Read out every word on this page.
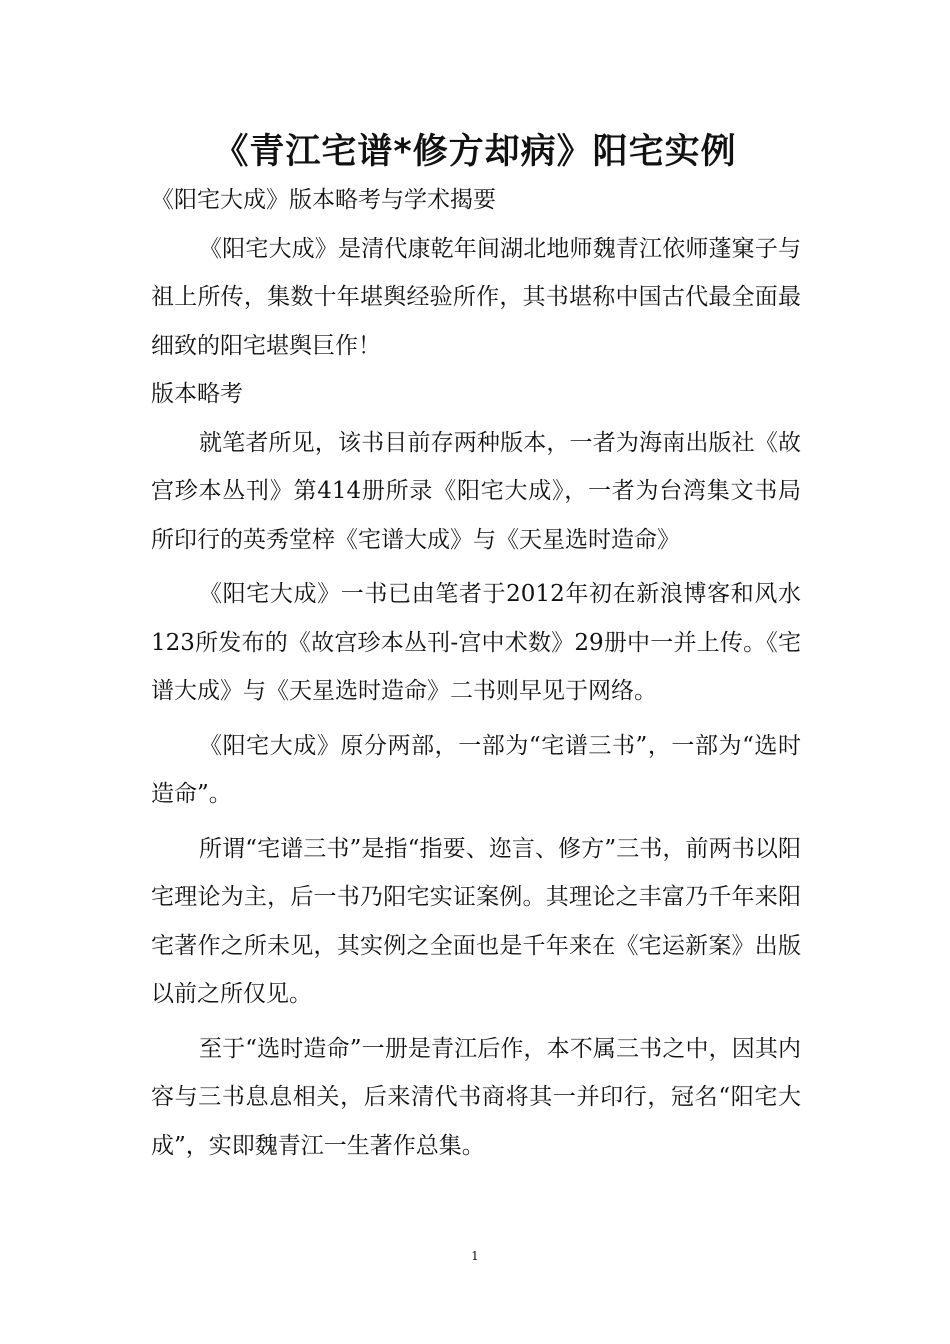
《青江宅谱*修方却病》阳宅实例

《阳宅大成》版本略考与学术揭要

《阳宅大成》是清代康乾年间湖北地师魏青江依师蓬窠子与祖上所传，集数十年堪舆经验所作，其书堪称中国古代最全面最细致的阳宅堪舆巨作！

版本略考

就笔者所见，该书目前存两种版本，一者为海南出版社《故宫珍本丛刊》第414册所录《阳宅大成》，一者为台湾集文书局所印行的英秀堂梓《宅谱大成》与《天星选时造命》

《阳宅大成》一书已由笔者于2012年初在新浪博客和风水123所发布的《故宫珍本丛刊-宫中术数》29册中一并上传。《宅谱大成》与《天星选时造命》二书则早见于网络。

《阳宅大成》原分两部，一部为“宅谱三书”，一部为“选时造命”。

所谓“宅谱三书”是指“指要、迩言、修方”三书，前两书以阳宅理论为主，后一书乃阳宅实证案例。其理论之丰富乃千年来阳宅著作之所未见，其实例之全面也是千年来在《宅运新案》出版以前之所仅见。

至于“选时造命”一册是青江后作，本不属三书之中，因其内容与三书息息相关，后来清代书商将其一并印行，冠名“阳宅大成”，实即魏青江一生著作总集。

1
